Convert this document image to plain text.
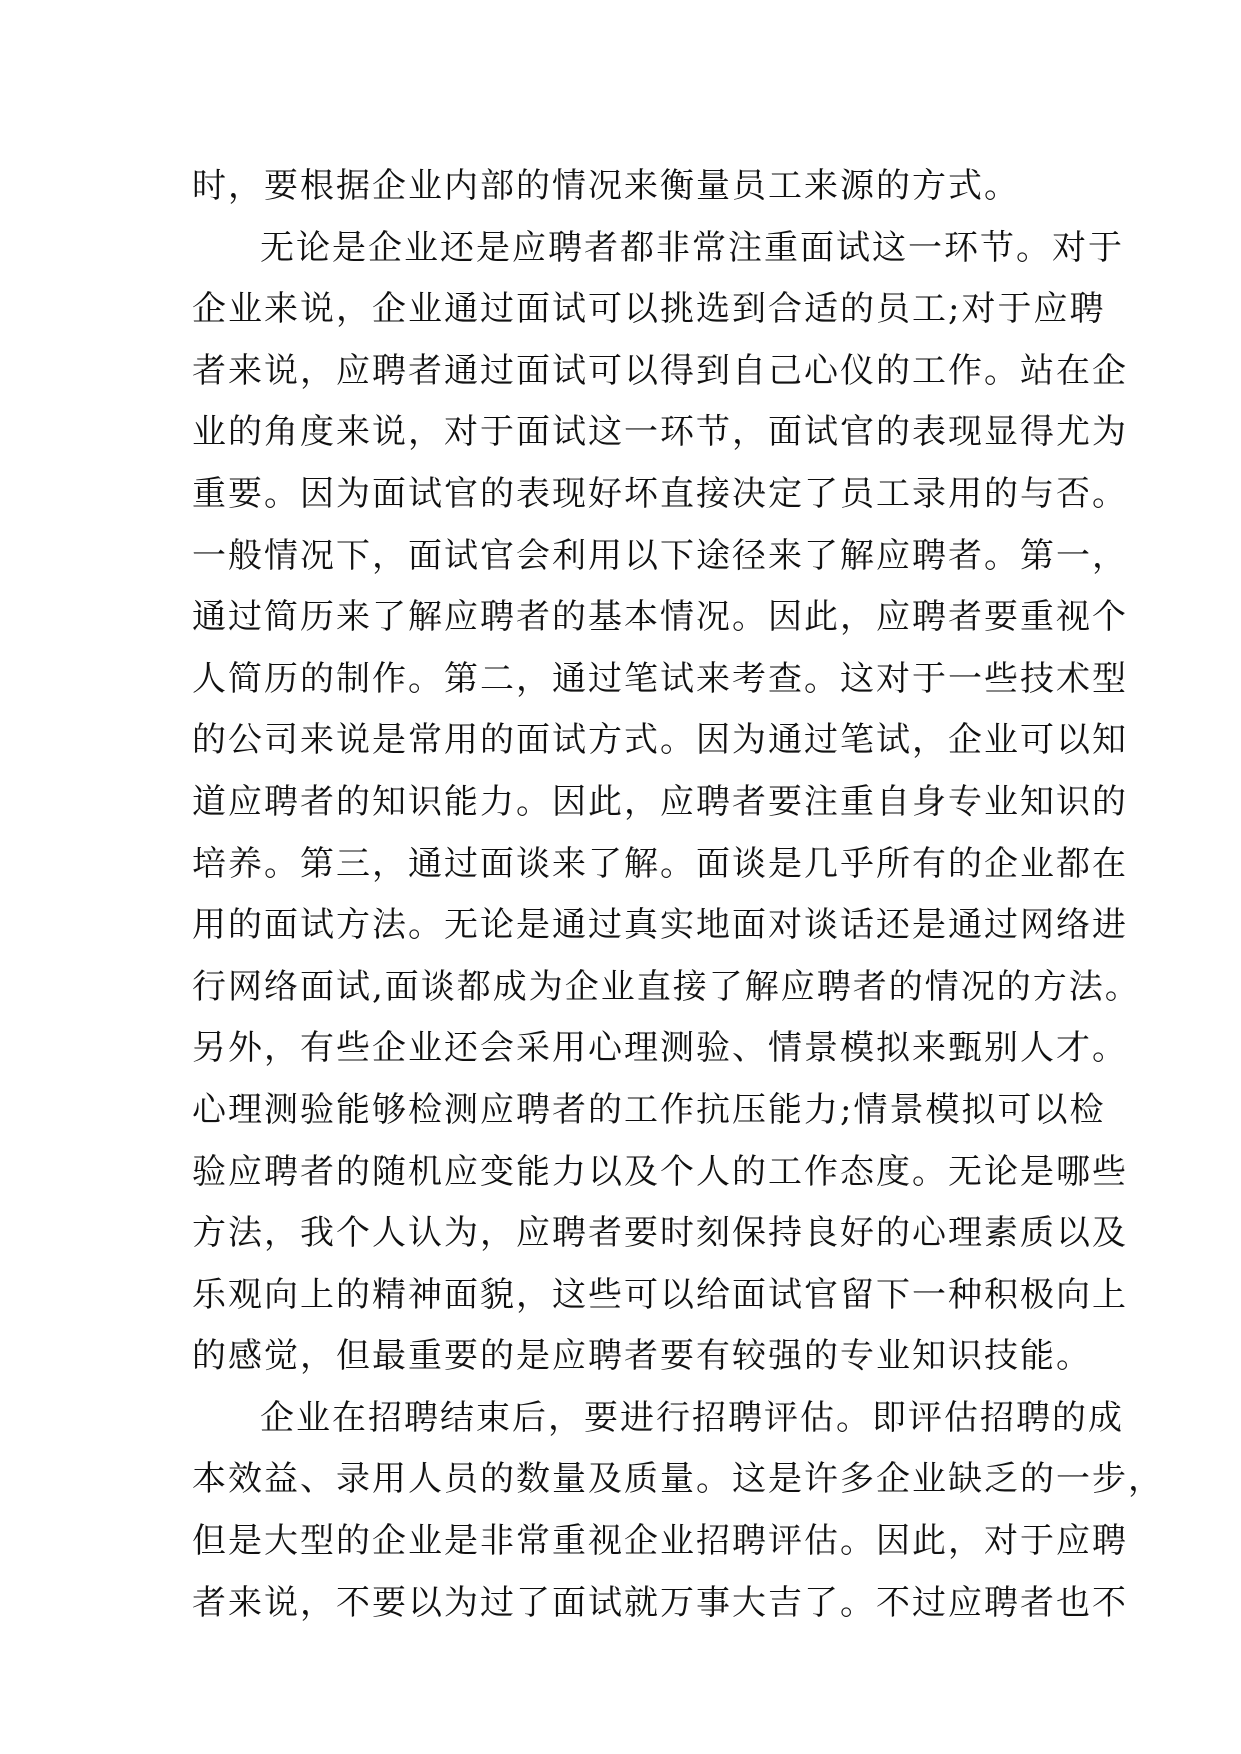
时，要根据企业内部的情况来衡量员工来源的方式。
无论是企业还是应聘者都非常注重面试这一环节。对于
企业来说，企业通过面试可以挑选到合适的员工;对于应聘
者来说，应聘者通过面试可以得到自己心仪的工作。站在企
业的角度来说，对于面试这一环节，面试官的表现显得尤为
重要。因为面试官的表现好坏直接决定了员工录用的与否。
一般情况下，面试官会利用以下途径来了解应聘者。第一，
通过简历来了解应聘者的基本情况。因此，应聘者要重视个
人简历的制作。第二，通过笔试来考查。这对于一些技术型
的公司来说是常用的面试方式。因为通过笔试，企业可以知
道应聘者的知识能力。因此，应聘者要注重自身专业知识的
培养。第三，通过面谈来了解。面谈是几乎所有的企业都在
用的面试方法。无论是通过真实地面对谈话还是通过网络进
行网络面试,面谈都成为企业直接了解应聘者的情况的方法。
另外，有些企业还会采用心理测验、情景模拟来甄别人才。
心理测验能够检测应聘者的工作抗压能力;情景模拟可以检
验应聘者的随机应变能力以及个人的工作态度。无论是哪些
方法，我个人认为，应聘者要时刻保持良好的心理素质以及
乐观向上的精神面貌，这些可以给面试官留下一种积极向上
的感觉，但最重要的是应聘者要有较强的专业知识技能。
企业在招聘结束后，要进行招聘评估。即评估招聘的成
本效益、录用人员的数量及质量。这是许多企业缺乏的一步，
但是大型的企业是非常重视企业招聘评估。因此，对于应聘
者来说，不要以为过了面试就万事大吉了。不过应聘者也不
